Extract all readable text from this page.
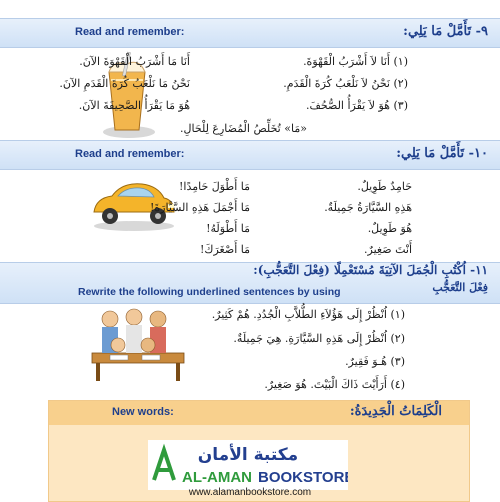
Read and remember:	٩- تَأَمَّلْ مَا يَلِي:
(١) أَنَا لاَ أَشْرَبُ الْقَهْوَةَ.
أَنَا مَا أَشْرَبُ الْقَهْوَةَ الآنَ.
(٢) نَحْنُ لاَ نَلْعَبُ كُرَةَ الْقَدَمِ.
نَحْنُ مَا نَلْعَبُ كُرَةَ الْقَدَمِ الآنَ.
(٣) هُوَ لاَ يَقْرَأُ الصُّحُفَ.
هُوَ مَا يَقْرَأُ الصَّحِيفَةَ الآنَ.
«مَا» تُخَلِّصُ الْمُضَارِعَ لِلْحَالِ.
Read and remember:	١٠- تَأَمَّلْ مَا يَلِي:
حَامِدٌ طَوِيلٌ.
مَا أَطْوَلَ حَامِدًا!
هَذِهِ السَّيَّارَةُ جَمِيلَةٌ.
مَا أَجْمَلَ هَذِهِ السَّيَّارَةَ!
هُوَ طَوِيلٌ.
مَا أَطْوَلَهُ!
أَنْتَ صَغِيرٌ.
مَا أَصْغَرَكَ!
١١- اُكْتُبِ الْجُمَلَ الآتِيَةَ مُسْتَعْمِلًا (فِعْلَ التَّعَجُّبِ):
Rewrite the following underlined sentences by using	فِعْلَ التَّعَجُّبِ
(١) اُنْظُرْ إِلَى هَؤُلاَءِ الطُّلاَّبِ الْجُدُدِ. هُمْ كَثِيرٌ.
(٢) اُنْظُرْ إِلَى هَذِهِ السَّيَّارَةِ. هِيَ جَمِيلَةٌ.
(٣) هُـوَ فَقِيرٌ.
(٤) أَرَأَيْتَ ذَاكَ الْبَيْتَ. هُوَ صَغِيرٌ.
New words:	الْكَلِمَاتُ الْجَدِيدَةُ:
مكتبة الأمان
AL-AMAN BOOKSTORE
www.alamanbookstore.com
